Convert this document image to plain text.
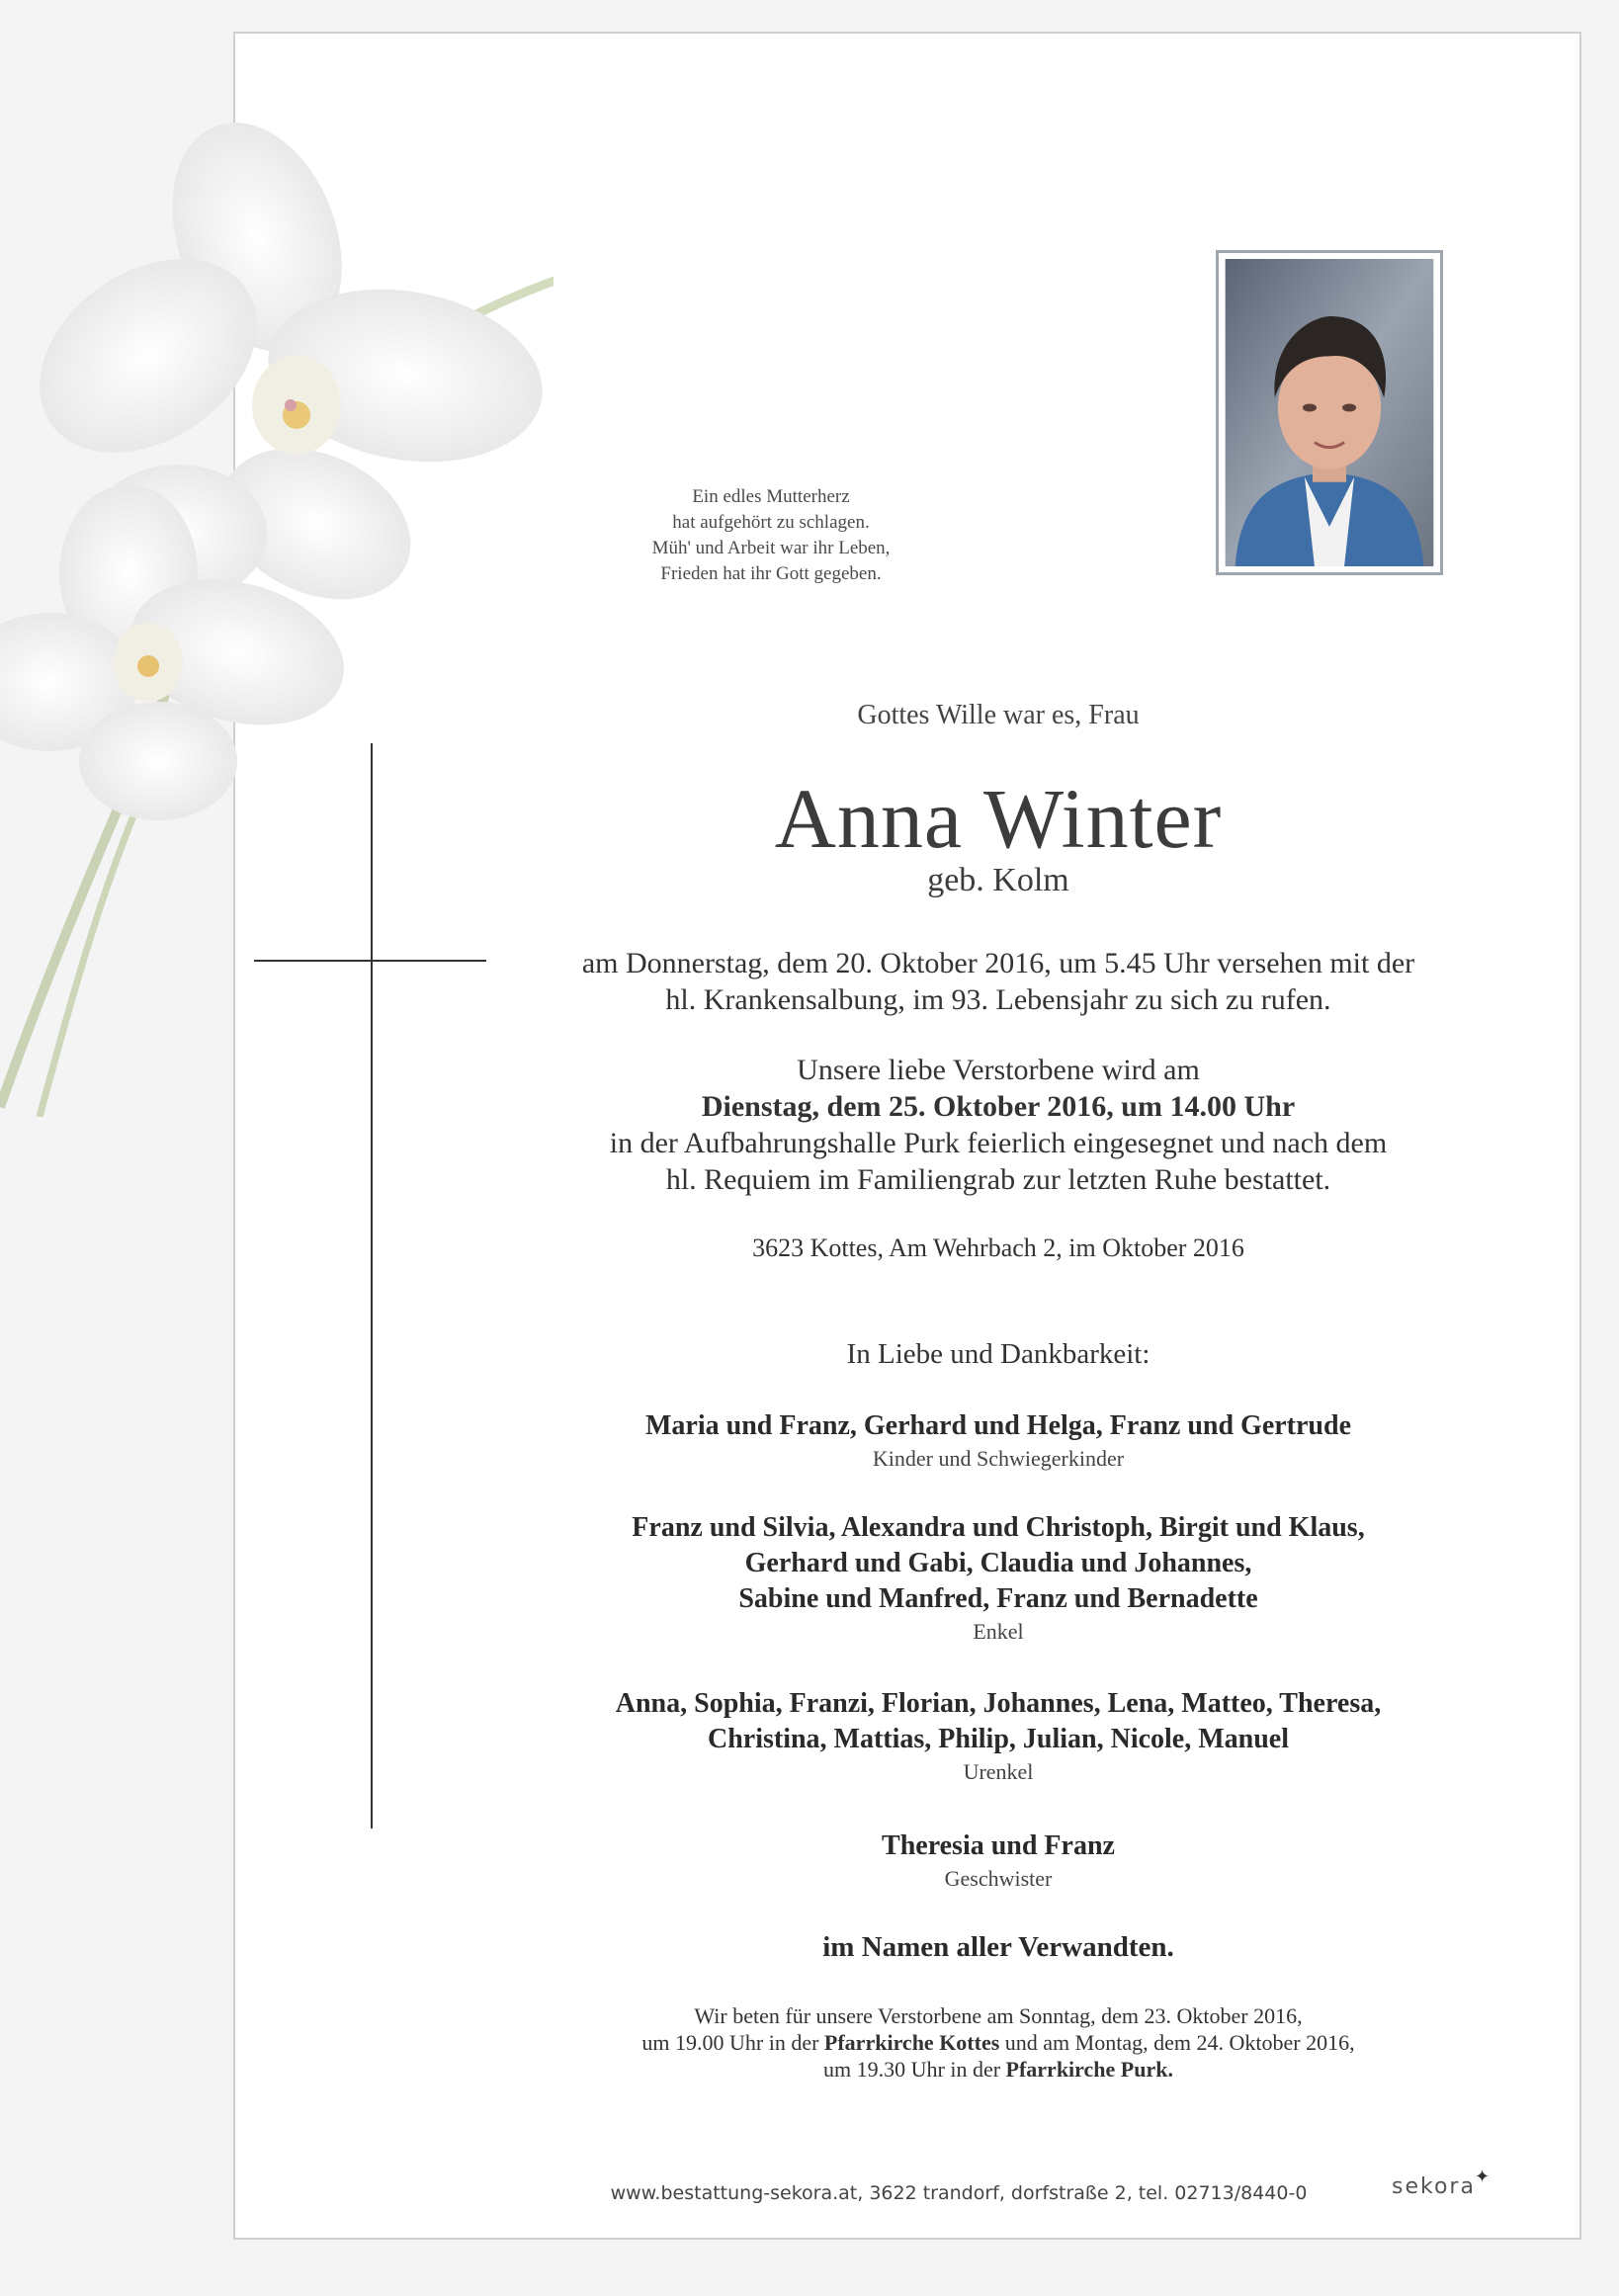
Ein edles Mutterherz
hat aufgehört zu schlagen.
Müh' und Arbeit war ihr Leben,
Frieden hat ihr Gott gegeben.
Gottes Wille war es, Frau
Anna Winter
geb. Kolm
am Donnerstag, dem 20. Oktober 2016, um 5.45 Uhr versehen mit der
hl. Krankensalbung, im 93. Lebensjahr zu sich zu rufen.
Unsere liebe Verstorbene wird am
Dienstag, dem 25. Oktober 2016, um 14.00 Uhr
in der Aufbahrungshalle Purk feierlich eingesegnet und nach dem
hl. Requiem im Familiengrab zur letzten Ruhe bestattet.
3623 Kottes, Am Wehrbach 2, im Oktober 2016
In Liebe und Dankbarkeit:
Maria und Franz, Gerhard und Helga, Franz und Gertrude
Kinder und Schwiegerkinder
Franz und Silvia, Alexandra und Christoph, Birgit und Klaus,
Gerhard und Gabi, Claudia und Johannes,
Sabine und Manfred, Franz und Bernadette
Enkel
Anna, Sophia, Franzi, Florian, Johannes, Lena, Matteo, Theresa,
Christina, Mattias, Philip, Julian, Nicole, Manuel
Urenkel
Theresia und Franz
Geschwister
im Namen aller Verwandten.
Wir beten für unsere Verstorbene am Sonntag, dem 23. Oktober 2016,
um 19.00 Uhr in der Pfarrkirche Kottes und am Montag, dem 24. Oktober 2016,
um 19.30 Uhr in der Pfarrkirche Purk.
www.bestattung-sekora.at, 3622 trandorf, dorfstraße 2, tel. 02713/8440-0	sekora ✦
